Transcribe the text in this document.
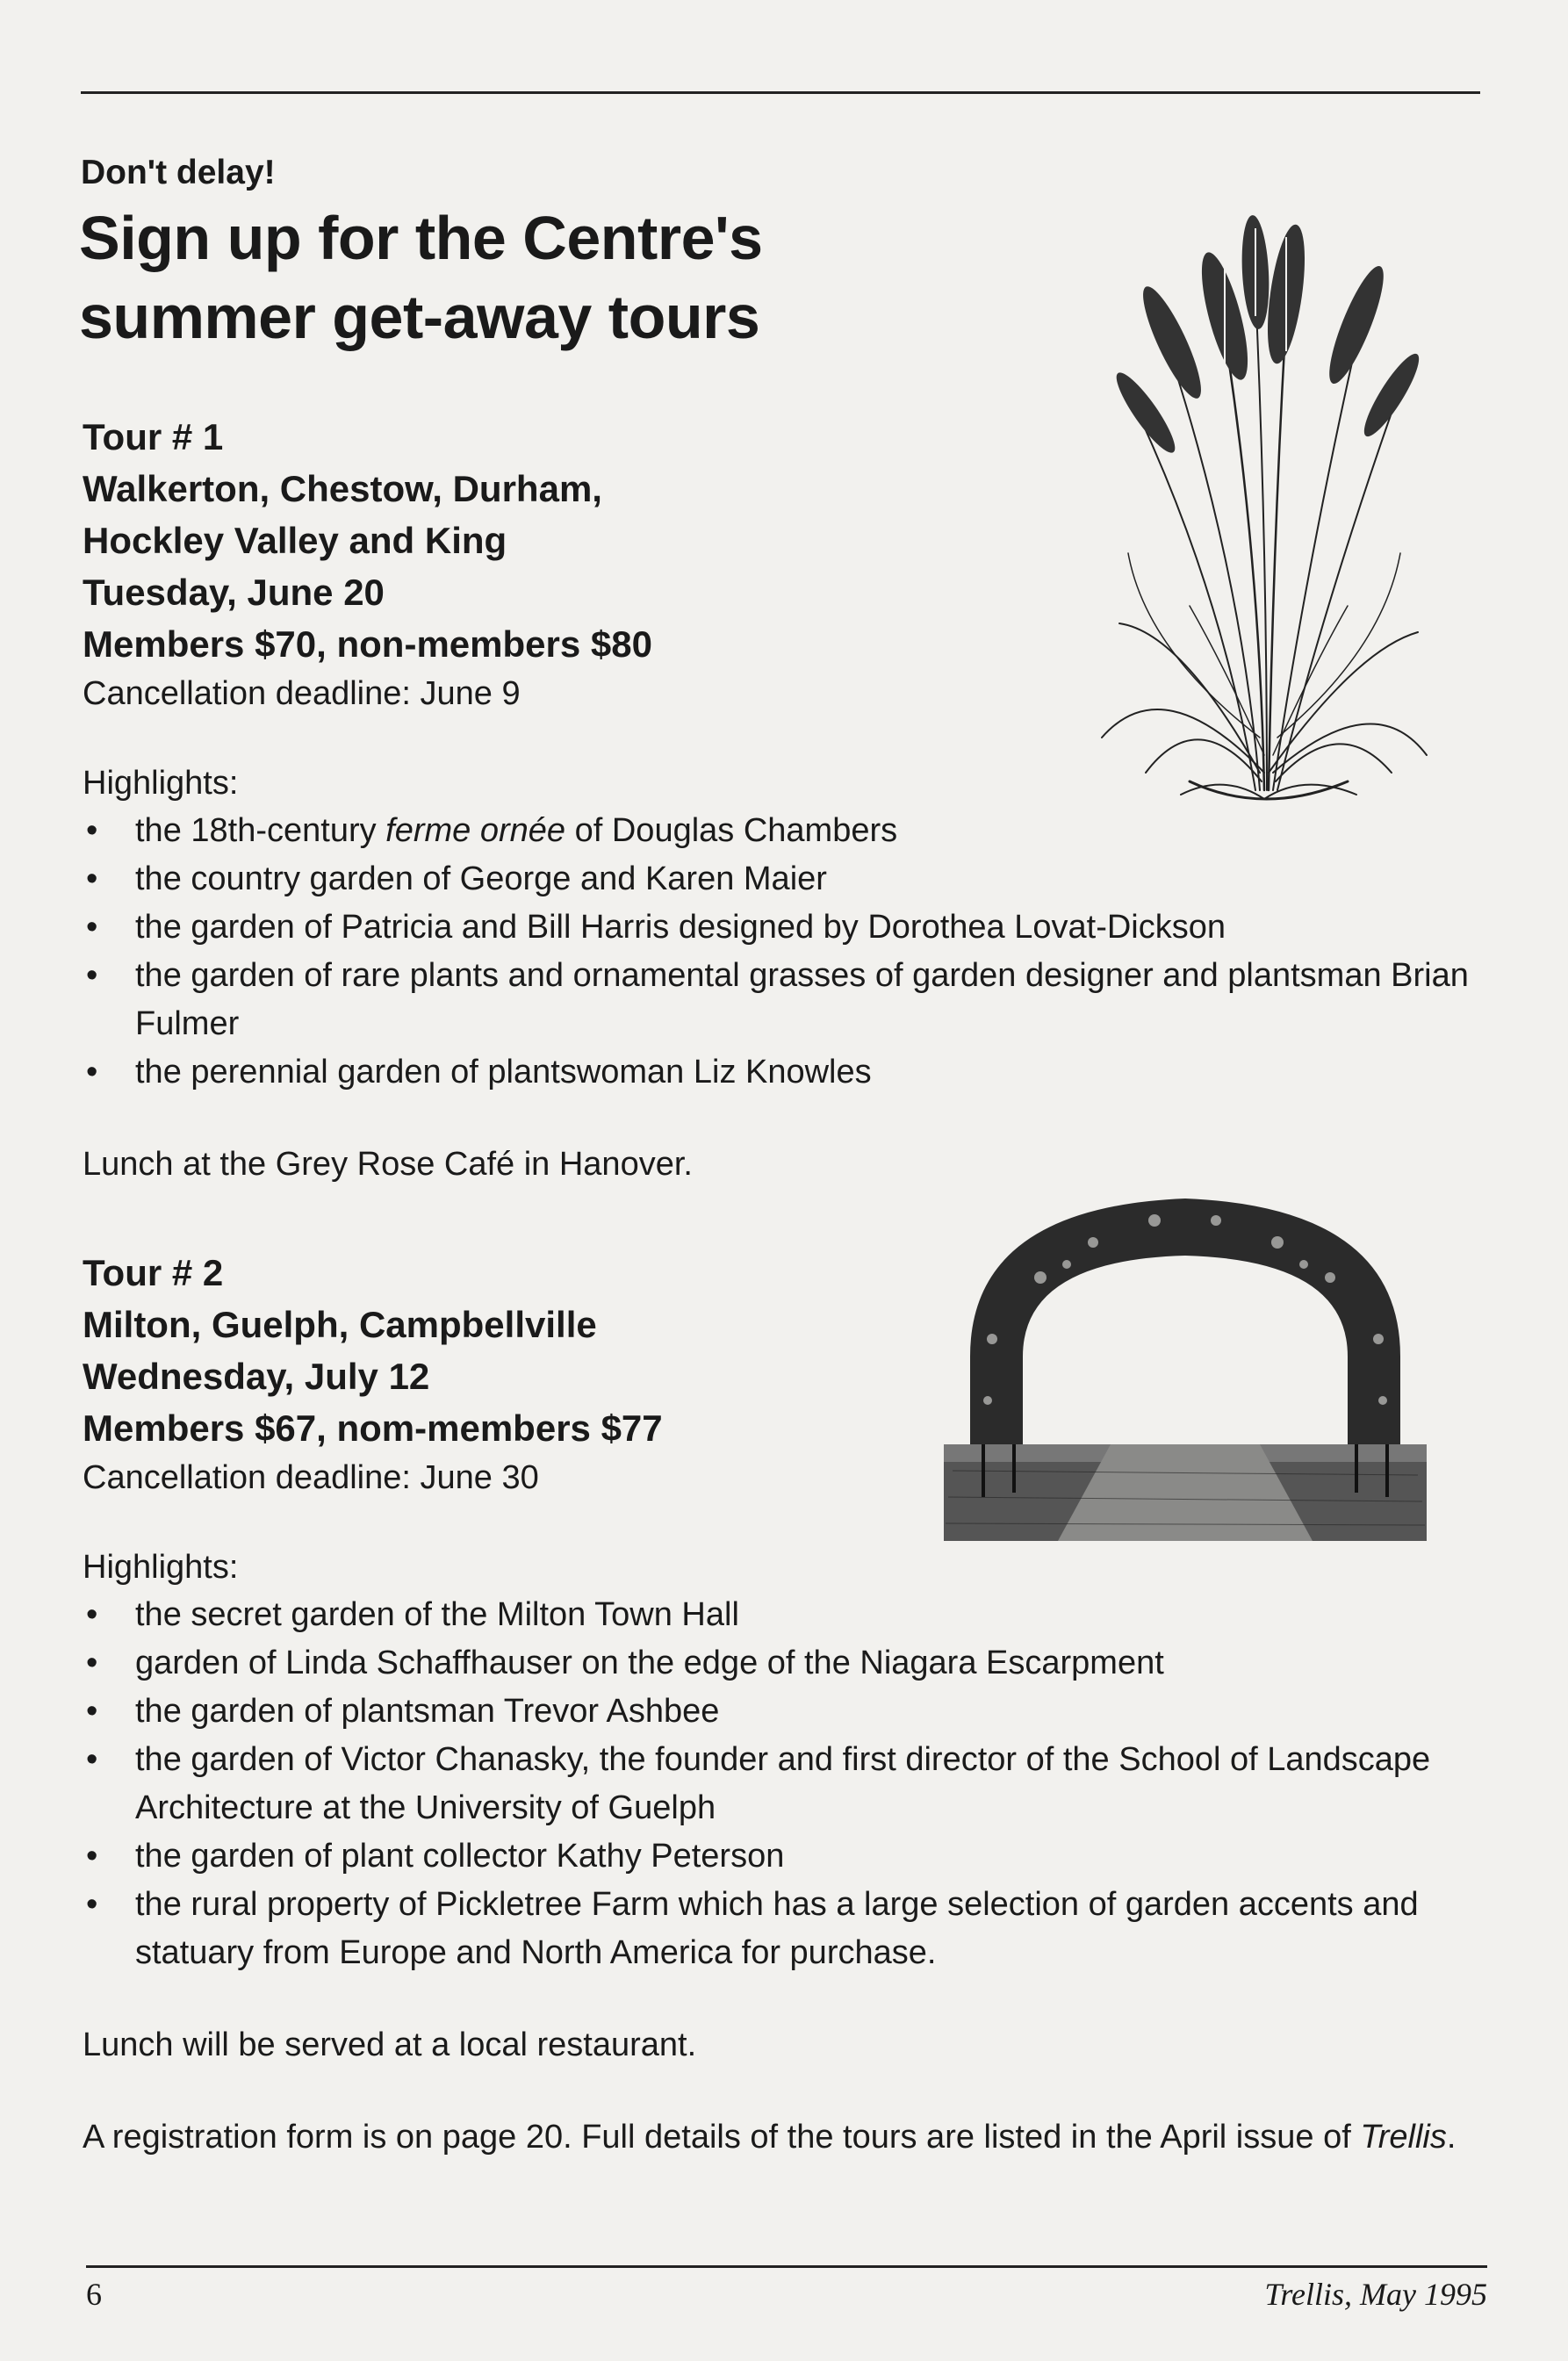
Don't delay!
Sign up for the Centre's
summer get-away tours
Tour # 1
Walkerton, Chestow, Durham,
Hockley Valley and King
Tuesday, June 20
Members $70, non-members $80
Cancellation deadline: June 9
Highlights:
• the 18th-century ferme ornée of Douglas Chambers
• the country garden of George and Karen Maier
• the garden of Patricia and Bill Harris designed by Dorothea Lovat-Dickson
• the garden of rare plants and ornamental grasses of garden designer and plantsman Brian Fulmer
• the perennial garden of plantswoman Liz Knowles
Lunch at the Grey Rose Café in Hanover.
Tour # 2
Milton, Guelph, Campbellville
Wednesday, July 12
Members $67, nom-members $77
Cancellation deadline: June 30
Highlights:
• the secret garden of the Milton Town Hall
• garden of Linda Schaffhauser on the edge of the Niagara Escarpment
• the garden of plantsman Trevor Ashbee
• the garden of Victor Chanasky, the founder and first director of the School of Landscape Architecture at the University of Guelph
• the garden of plant collector Kathy Peterson
• the rural property of Pickletree Farm which has a large selection of garden accents and statuary from Europe and North America for purchase.
Lunch will be served at a local restaurant.
A registration form is on page 20. Full details of the tours are listed in the April issue of Trellis.
6	Trellis, May 1995
